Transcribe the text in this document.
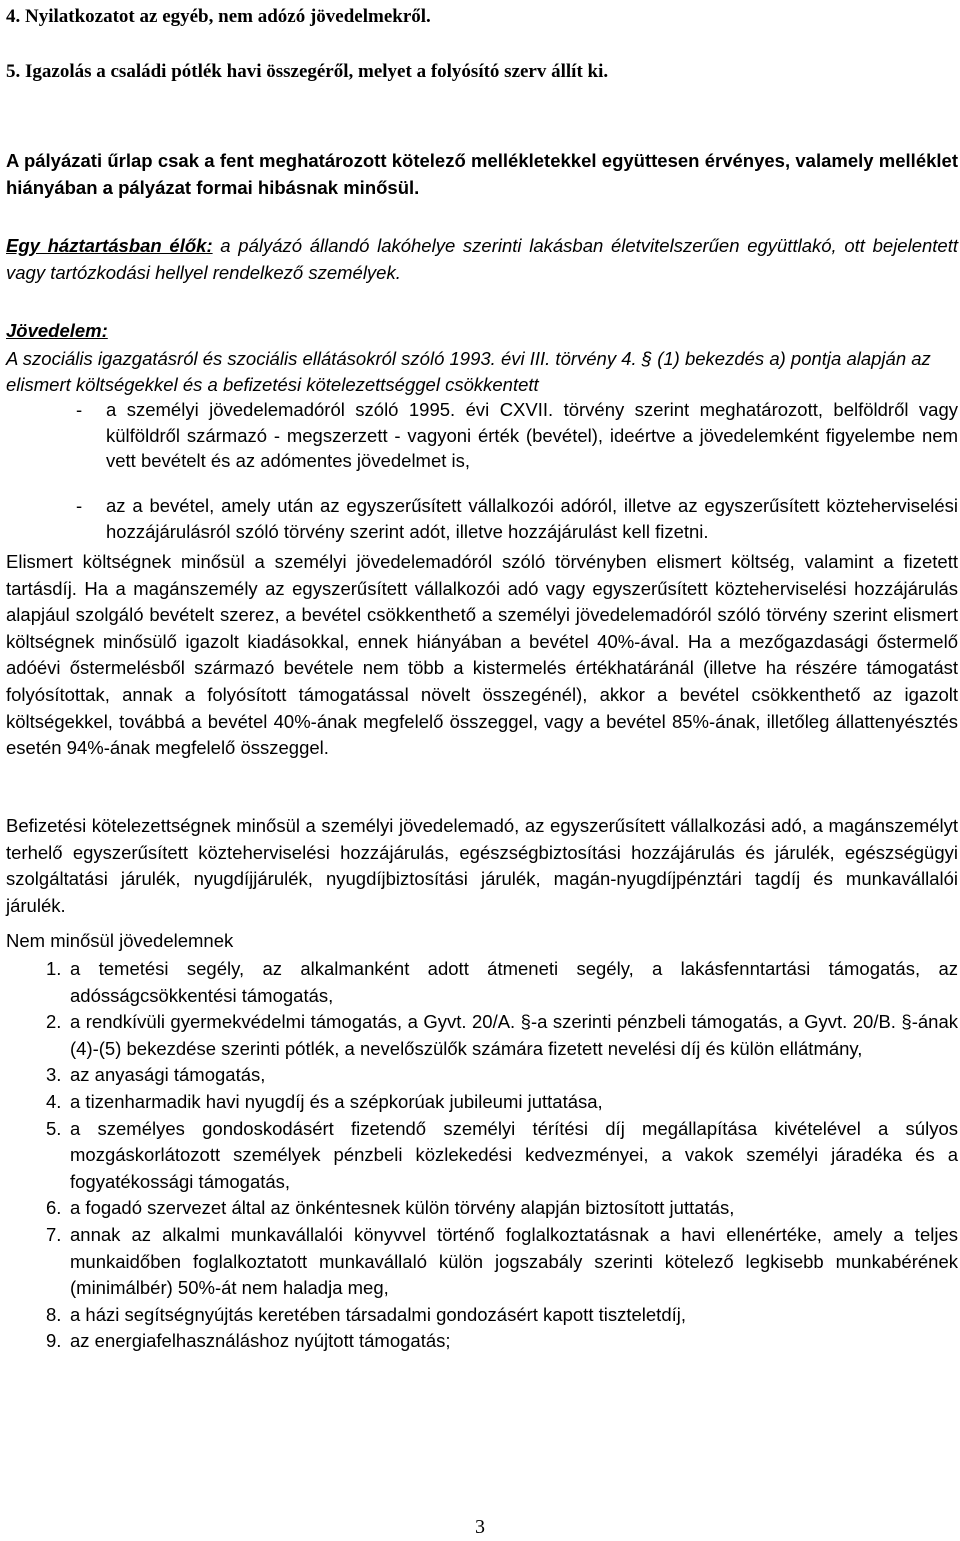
4. Nyilatkozatot az egyéb, nem adózó jövedelmekről.

5. Igazolás a családi pótlék havi összegéről, melyet a folyósító szerv állít ki.

A pályázati űrlap csak a fent meghatározott kötelező mellékletekkel együttesen érvényes, valamely melléklet hiányában a pályázat formai hibásnak minősül.

Egy háztartásban élők: a pályázó állandó lakóhelye szerinti lakásban életvitelszerűen együttlakó, ott bejelentett vagy tartózkodási hellyel rendelkező személyek.

Jövedelem:

A szociális igazgatásról és szociális ellátásokról szóló 1993. évi III. törvény 4. § (1) bekezdés a) pontja alapján az elismert költségekkel és a befizetési kötelezettséggel csökkentett

- a személyi jövedelemadóról szóló 1995. évi CXVII. törvény szerint meghatározott, belföldről vagy külföldről származó - megszerzett - vagyoni érték (bevétel), ideértve a jövedelemként figyelembe nem vett bevételt és az adómentes jövedelmet is,
- az a bevétel, amely után az egyszerűsített vállalkozói adóról, illetve az egyszerűsített közteherviselési hozzájárulásról szóló törvény szerint adót, illetve hozzájárulást kell fizetni.

Elismert költségnek minősül a személyi jövedelemadóról szóló törvényben elismert költség, valamint a fizetett tartásdíj. Ha a magánszemély az egyszerűsített vállalkozói adó vagy egyszerűsített közteherviselési hozzájárulás alapjául szolgáló bevételt szerez, a bevétel csökkenthető a személyi jövedelemadóról szóló törvény szerint elismert költségnek minősülő igazolt kiadásokkal, ennek hiányában a bevétel 40%-ával. Ha a mezőgazdasági őstermelő adóévi őstermelésből származó bevétele nem több a kistermelés értékhatáránál (illetve ha részére támogatást folyósítottak, annak a folyósított támogatással növelt összegénél), akkor a bevétel csökkenthető az igazolt költségekkel, továbbá a bevétel 40%-ának megfelelő összeggel, vagy a bevétel 85%-ának, illetőleg állattenyésztés esetén 94%-ának megfelelő összeggel.

Befizetési kötelezettségnek minősül a személyi jövedelemadó, az egyszerűsített vállalkozási adó, a magánszemélyt terhelő egyszerűsített közteherviselési hozzájárulás, egészségbiztosítási hozzájárulás és járulék, egészségügyi szolgáltatási járulék, nyugdíjjárulék, nyugdíjbiztosítási járulék, magán-nyugdíjpénztári tagdíj és munkavállalói járulék.

Nem minősül jövedelemnek

1. a temetési segély, az alkalmanként adott átmeneti segély, a lakásfenntartási támogatás, az adósságcsökkentési támogatás,
2. a rendkívüli gyermekvédelmi támogatás, a Gyvt. 20/A. §-a szerinti pénzbeli támogatás, a Gyvt. 20/B. §-ának (4)-(5) bekezdése szerinti pótlék, a nevelőszülők számára fizetett nevelési díj és külön ellátmány,
3. az anyasági támogatás,
4. a tizenharmadik havi nyugdíj és a szépkorúak jubileumi juttatása,
5. a személyes gondoskodásért fizetendő személyi térítési díj megállapítása kivételével a súlyos mozgáskorlátozott személyek pénzbeli közlekedési kedvezményei, a vakok személyi járadéka és a fogyatékossági támogatás,
6. a fogadó szervezet által az önkéntesnek külön törvény alapján biztosított juttatás,
7. annak az alkalmi munkavállalói könyvvel történő foglalkoztatásnak a havi ellenértéke, amely a teljes munkaidőben foglalkoztatott munkavállaló külön jogszabály szerinti kötelező legkisebb munkabérének (minimálbér) 50%-át nem haladja meg,
8. a házi segítségnyújtás keretében társadalmi gondozásért kapott tiszteletdíj,
9. az energiafelhasználáshoz nyújtott támogatás;
3
